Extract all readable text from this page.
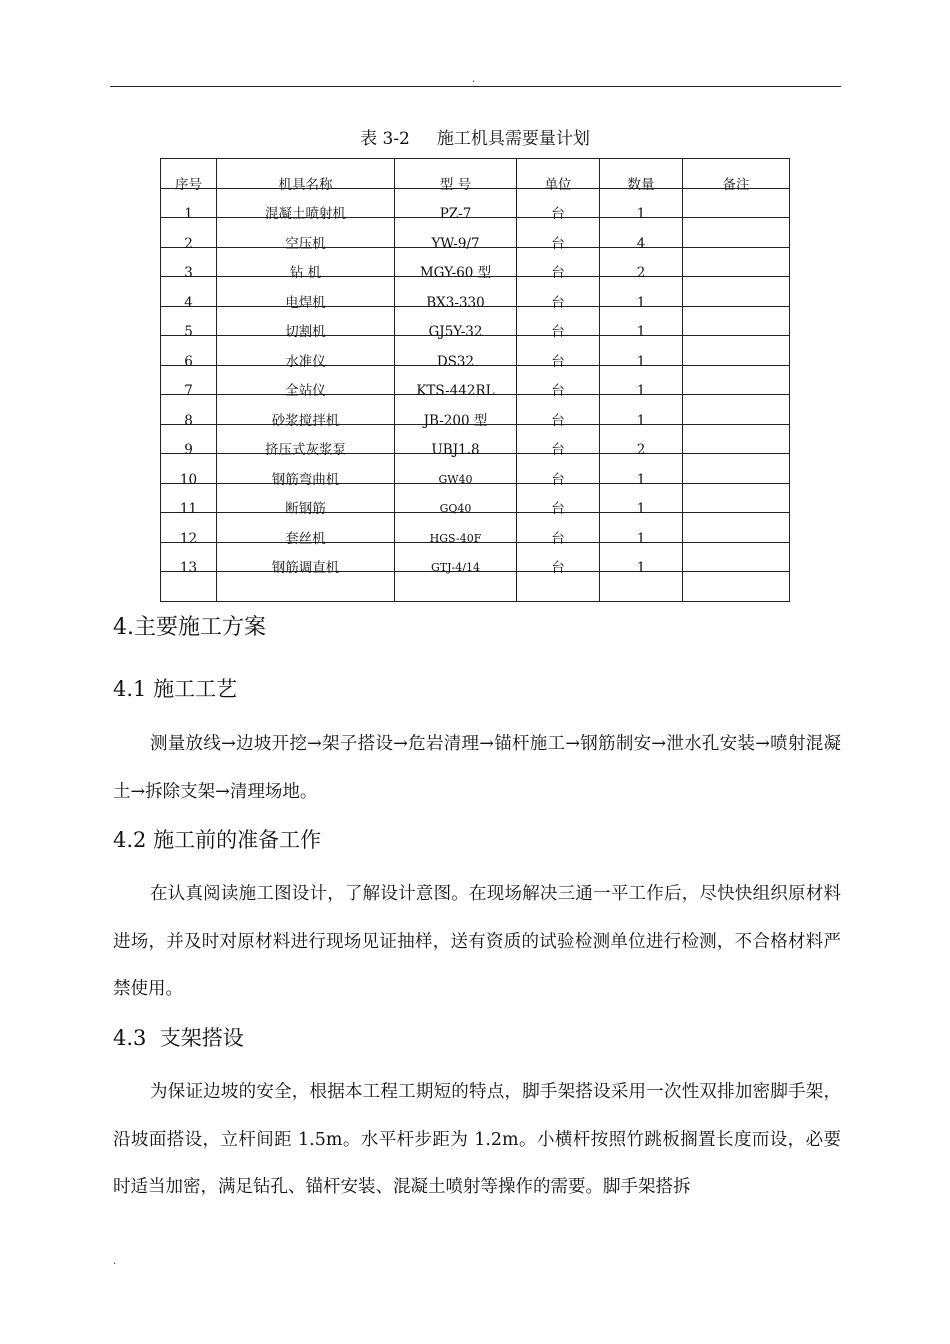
.
表 3-2     施工机具需要量计划
序号	机具名称	型 号	单位	数量	备注
1	混凝土喷射机	PZ-7	台	1	
2	空压机	YW-9/7	台	4	
3	钻 机	MGY-60 型	台	2	
4	电焊机	BX3-330	台	1	
5	切割机	GJ5Y-32	台	1	
6	水准仪	DS32	台	1	
7	全站仪	KTS-442RL	台	1	
8	砂浆搅拌机	JB-200 型	台	1	
9	挤压式灰浆泵	UBJ1.8	台	2	
10	钢筋弯曲机	GW40	台	1	
11	断钢筋	GQ40	台	1	
12	套丝机	HGS-40F	台	1	
13	钢筋调直机	GTJ-4/14	台	1	

4.主要施工方案
4.1 施工工艺
测量放线→边坡开挖→架子搭设→危岩清理→锚杆施工→钢筋制安→泄水孔安装→喷射混凝土→拆除支架→清理场地。
4.2 施工前的准备工作
在认真阅读施工图设计，了解设计意图。在现场解决三通一平工作后，尽快快组织原材料进场，并及时对原材料进行现场见证抽样，送有资质的试验检测单位进行检测，不合格材料严禁使用。
4.3  支架搭设
为保证边坡的安全，根据本工程工期短的特点，脚手架搭设采用一次性双排加密脚手架，沿坡面搭设，立杆间距 1.5m。水平杆步距为 1.2m。小横杆按照竹跳板搁置长度而设，必要时适当加密，满足钻孔、锚杆安装、混凝土喷射等操作的需要。脚手架搭拆
.
